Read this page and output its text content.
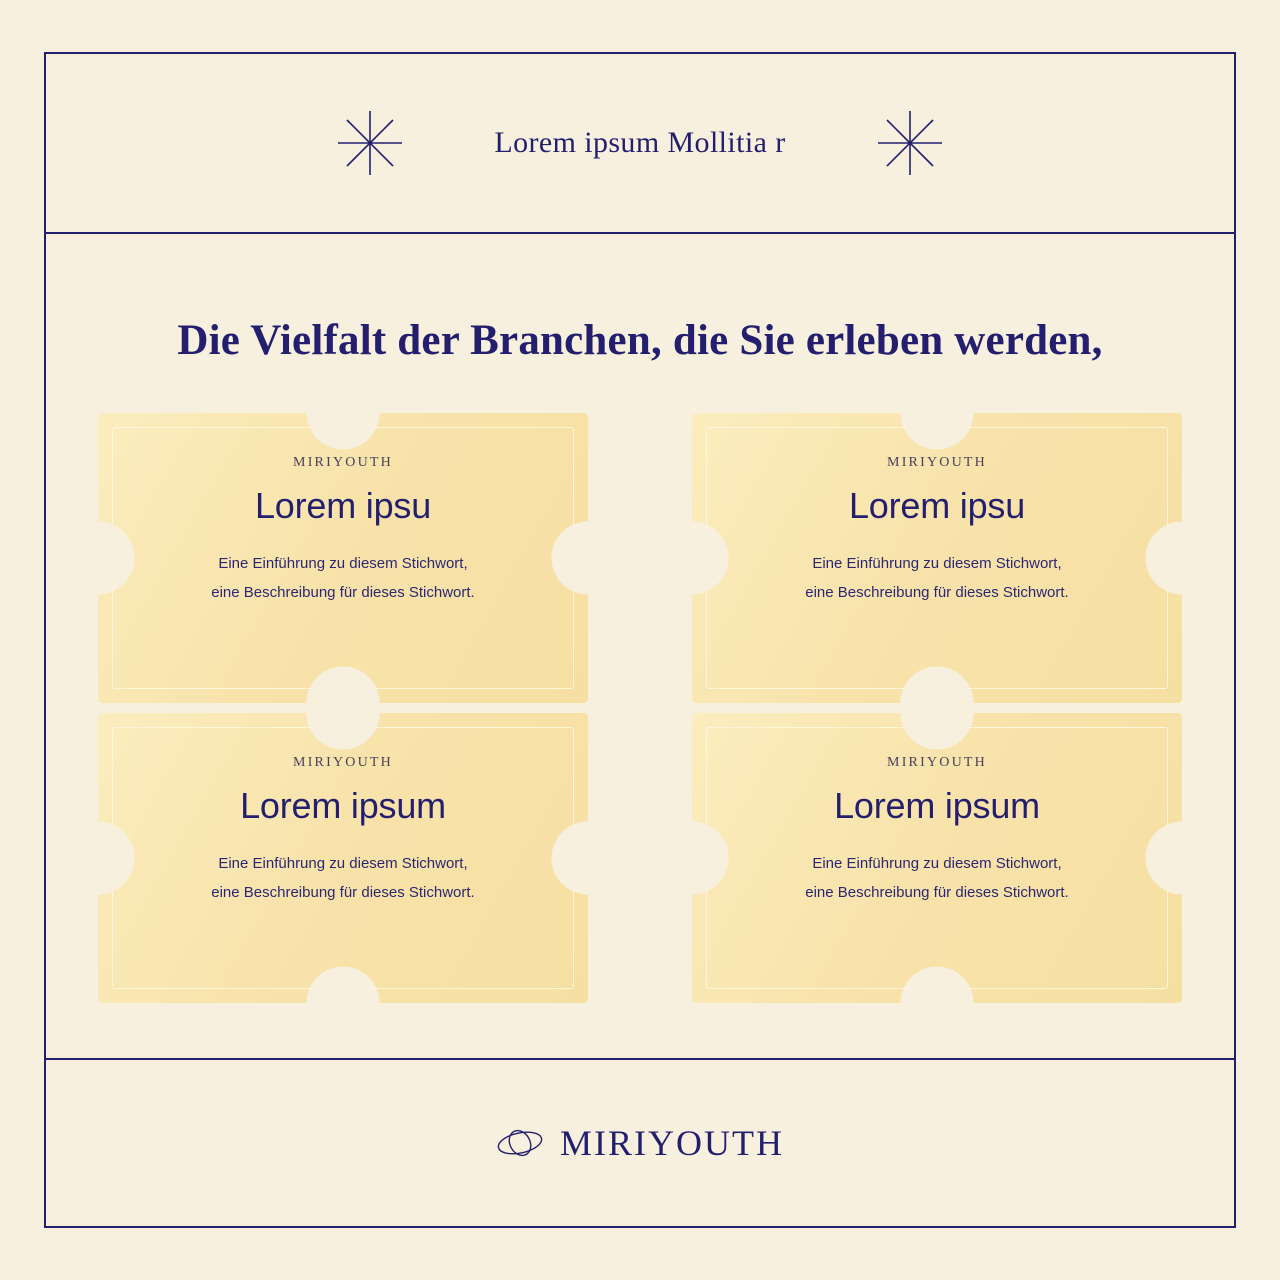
Lorem ipsum Mollitia r
Die Vielfalt der Branchen, die Sie erleben werden,
MIRIYOUTH
Lorem ipsu
Eine Einführung zu diesem Stichwort,
eine Beschreibung für dieses Stichwort.
MIRIYOUTH
Lorem ipsu
Eine Einführung zu diesem Stichwort,
eine Beschreibung für dieses Stichwort.
MIRIYOUTH
Lorem ipsum
Eine Einführung zu diesem Stichwort,
eine Beschreibung für dieses Stichwort.
MIRIYOUTH
Lorem ipsum
Eine Einführung zu diesem Stichwort,
eine Beschreibung für dieses Stichwort.
MIRIYOUTH
